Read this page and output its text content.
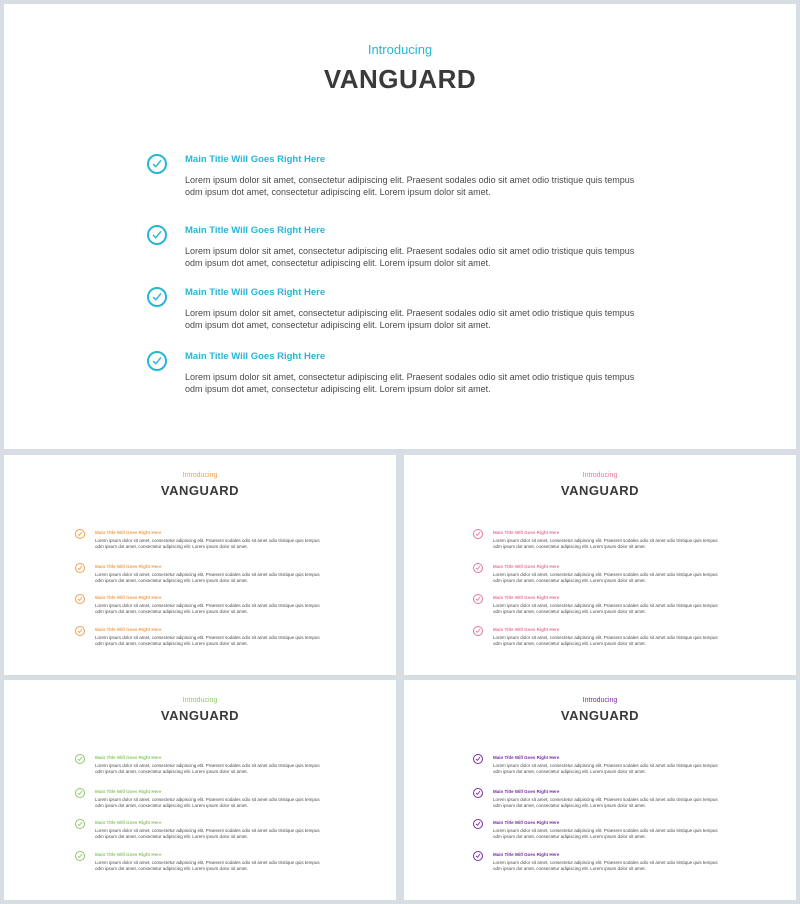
Introducing
VANGUARD
Main Title Will Goes Right Here

Lorem ipsum dolor sit amet, consectetur adipiscing elit. Praesent sodales odio sit amet odio tristique quis tempus odm ipsum dot amet, consectetur adipiscing elit. Lorem ipsum dolor sit amet.

Main Title Will Goes Right Here

Lorem ipsum dolor sit amet, consectetur adipiscing elit. Praesent sodales odio sit amet odio tristique quis tempus odm ipsum dot amet, consectetur adipiscing elit. Lorem ipsum dolor sit amet.

Main Title Will Goes Right Here

Lorem ipsum dolor sit amet, consectetur adipiscing elit. Praesent sodales odio sit amet odio tristique quis tempus odm ipsum dot amet, consectetur adipiscing elit. Lorem ipsum dolor sit amet.

Main Title Will Goes Right Here

Lorem ipsum dolor sit amet, consectetur adipiscing elit. Praesent sodales odio sit amet odio tristique quis tempus odm ipsum dot amet, consectetur adipiscing elit. Lorem ipsum dolor sit amet.

Introducing
VANGUARD
Main Title Will Goes Right Here

Lorem ipsum dolor sit amet, consectetur adipiscing elit. Praesent sodales odio sit amet odio tristique quis tempus odm ipsum dot amet, consectetur adipiscing elit. Lorem ipsum dolor sit amet.

Main Title Will Goes Right Here

Lorem ipsum dolor sit amet, consectetur adipiscing elit. Praesent sodales odio sit amet odio tristique quis tempus odm ipsum dot amet, consectetur adipiscing elit. Lorem ipsum dolor sit amet.

Main Title Will Goes Right Here

Lorem ipsum dolor sit amet, consectetur adipiscing elit. Praesent sodales odio sit amet odio tristique quis tempus odm ipsum dot amet, consectetur adipiscing elit. Lorem ipsum dolor sit amet.

Main Title Will Goes Right Here

Lorem ipsum dolor sit amet, consectetur adipiscing elit. Praesent sodales odio sit amet odio tristique quis tempus odm ipsum dot amet, consectetur adipiscing elit. Lorem ipsum dolor sit amet.

Introducing
VANGUARD
Main Title Will Goes Right Here

Lorem ipsum dolor sit amet, consectetur adipiscing elit. Praesent sodales odio sit amet odio tristique quis tempus odm ipsum dot amet, consectetur adipiscing elit. Lorem ipsum dolor sit amet.

Main Title Will Goes Right Here

Lorem ipsum dolor sit amet, consectetur adipiscing elit. Praesent sodales odio sit amet odio tristique quis tempus odm ipsum dot amet, consectetur adipiscing elit. Lorem ipsum dolor sit amet.

Main Title Will Goes Right Here

Lorem ipsum dolor sit amet, consectetur adipiscing elit. Praesent sodales odio sit amet odio tristique quis tempus odm ipsum dot amet, consectetur adipiscing elit. Lorem ipsum dolor sit amet.

Main Title Will Goes Right Here

Lorem ipsum dolor sit amet, consectetur adipiscing elit. Praesent sodales odio sit amet odio tristique quis tempus odm ipsum dot amet, consectetur adipiscing elit. Lorem ipsum dolor sit amet.

Introducing
VANGUARD
Main Title Will Goes Right Here

Lorem ipsum dolor sit amet, consectetur adipiscing elit. Praesent sodales odio sit amet odio tristique quis tempus odm ipsum dot amet, consectetur adipiscing elit. Lorem ipsum dolor sit amet.

Main Title Will Goes Right Here

Lorem ipsum dolor sit amet, consectetur adipiscing elit. Praesent sodales odio sit amet odio tristique quis tempus odm ipsum dot amet, consectetur adipiscing elit. Lorem ipsum dolor sit amet.

Main Title Will Goes Right Here

Lorem ipsum dolor sit amet, consectetur adipiscing elit. Praesent sodales odio sit amet odio tristique quis tempus odm ipsum dot amet, consectetur adipiscing elit. Lorem ipsum dolor sit amet.

Main Title Will Goes Right Here

Lorem ipsum dolor sit amet, consectetur adipiscing elit. Praesent sodales odio sit amet odio tristique quis tempus odm ipsum dot amet, consectetur adipiscing elit. Lorem ipsum dolor sit amet.

Introducing
VANGUARD
Main Title Will Goes Right Here

Lorem ipsum dolor sit amet, consectetur adipiscing elit. Praesent sodales odio sit amet odio tristique quis tempus odm ipsum dot amet, consectetur adipiscing elit. Lorem ipsum dolor sit amet.

Main Title Will Goes Right Here

Lorem ipsum dolor sit amet, consectetur adipiscing elit. Praesent sodales odio sit amet odio tristique quis tempus odm ipsum dot amet, consectetur adipiscing elit. Lorem ipsum dolor sit amet.

Main Title Will Goes Right Here

Lorem ipsum dolor sit amet, consectetur adipiscing elit. Praesent sodales odio sit amet odio tristique quis tempus odm ipsum dot amet, consectetur adipiscing elit. Lorem ipsum dolor sit amet.

Main Title Will Goes Right Here

Lorem ipsum dolor sit amet, consectetur adipiscing elit. Praesent sodales odio sit amet odio tristique quis tempus odm ipsum dot amet, consectetur adipiscing elit. Lorem ipsum dolor sit amet.
